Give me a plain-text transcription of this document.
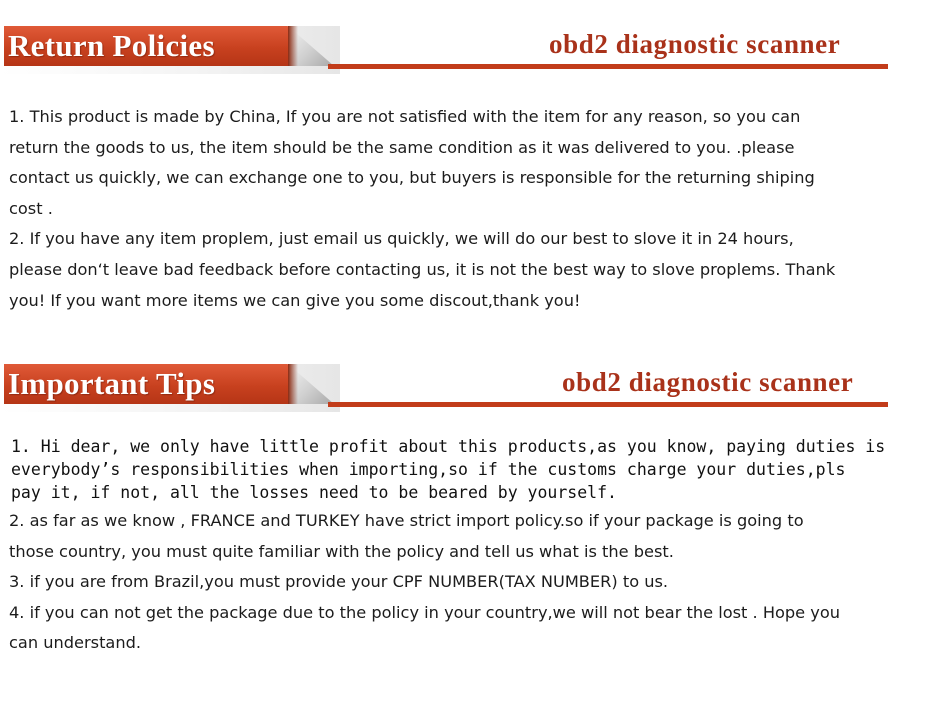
Return Policies	obd2 diagnostic scanner

1. This product is made by China, If you are not satisfied with the item for any reason, so you can

return the goods to us, the item should be the same condition as it was delivered to you. .please

contact us quickly, we can exchange one to you, but buyers is responsible for the returning shiping

cost .

2. If you have any item proplem, just email us quickly, we will do our best to slove it in 24 hours,

please don‘t leave bad feedback before contacting us, it is not the best way to slove proplems. Thank

you! If you want more items we can give you some discout,thank you!

Important Tips	obd2 diagnostic scanner

1. Hi dear, we only have little profit about this products,as you know, paying duties is

everybody’s responsibilities when importing,so if the customs charge your duties,pls

pay it, if not, all the losses need to be beared by yourself.

2. as far as we know , FRANCE and TURKEY have strict import policy.so if your package is going to

those country, you must quite familiar with the policy and tell us what is the best.

3. if you are from Brazil,you must provide your CPF NUMBER(TAX NUMBER) to us.

4. if you can not get the package due to the policy in your country,we will not bear the lost . Hope you

can understand.
